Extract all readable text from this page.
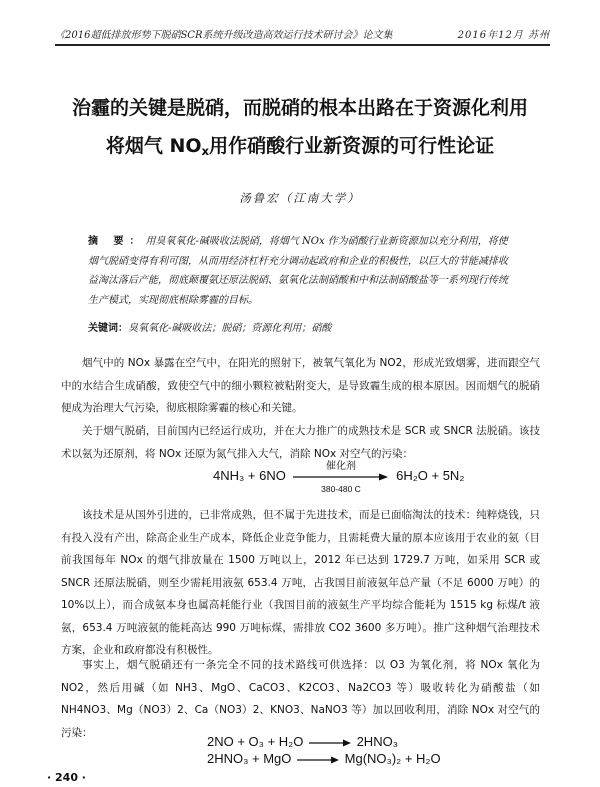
《2016超低排放形势下脱硝SCR系统升级改造高效运行技术研讨会》论文集	2016年12月 苏州
治霾的关键是脱硝，而脱硝的根本出路在于资源化利用
将烟气 $NO_x$用作硝酸行业新资源的可行性论证
汤鲁宏（江南大学）
摘 要：用臭氧氧化-碱吸收法脱硝，将烟气 NOx 作为硝酸行业新资源加以充分利用，将使烟气脱硝变得有利可图，从而用经济杠杆充分调动起政府和企业的积极性，以巨大的节能减排收益淘汰落后产能，彻底颠覆氨还原法脱硝、氨氧化法制硝酸和中和法制硝酸盐等一系列现行传统生产模式，实现彻底根除雾霾的目标。
关键词：臭氧氧化-碱吸收法；脱硝；资源化利用；硝酸
烟气中的 NOx 暴露在空气中，在阳光的照射下，被氧气氧化为 NO2，形成光致烟雾，进而跟空气中的水结合生成硝酸，致使空气中的细小颗粒被粘附变大，是导致霾生成的根本原因。因而烟气的脱硝便成为治理大气污染，彻底根除雾霾的核心和关键。
关于烟气脱硝，目前国内已经运行成功，并在大力推广的成熟技术是 SCR 或 SNCR 法脱硝。该技术以氨为还原剂，将 NOx 还原为氮气排入大气，消除 NOx 对空气的污染：
4NH₃ + 6NO
催化剂
380-480 C
6H₂O + 5N₂
该技术是从国外引进的，已非常成熟，但不属于先进技术，而是已面临淘汰的技术：纯粹烧钱，只有投入没有产出，除高企业生产成本，降低企业竞争能力，且需耗费大量的原本应该用于农业的氨（目前我国每年 NOx 的烟气排放量在 1500 万吨以上，2012 年已达到 1729.7 万吨，如采用 SCR 或 SNCR 还原法脱硝，则至少需耗用液氨 653.4 万吨，占我国目前液氨年总产量（不足 6000 万吨）的 10%以上），而合成氨本身也属高耗能行业（我国目前的液氨生产平均综合能耗为 1515 kg 标煤/t 液氨，653.4 万吨液氨的能耗高达 990 万吨标煤，需排放 CO2 3600 多万吨）。推广这种烟气治理技术方案，企业和政府都没有积极性。
事实上，烟气脱硝还有一条完全不同的技术路线可供选择：以 O3 为氧化剂，将 NOx 氧化为 NO2，然后用碱（如 NH3、MgO、CaCO3、K2CO3、Na2CO3 等）吸收转化为硝酸盐（如 NH4NO3、Mg（NO3）2、Ca（NO3）2、KNO3、NaNO3 等）加以回收利用，消除 NOx 对空气的污染：
2NO + O₃ + H₂O → 2HNO₃
2HNO₃ + MgO → Mg(NO₃)₂ + H₂O
· 240 ·
